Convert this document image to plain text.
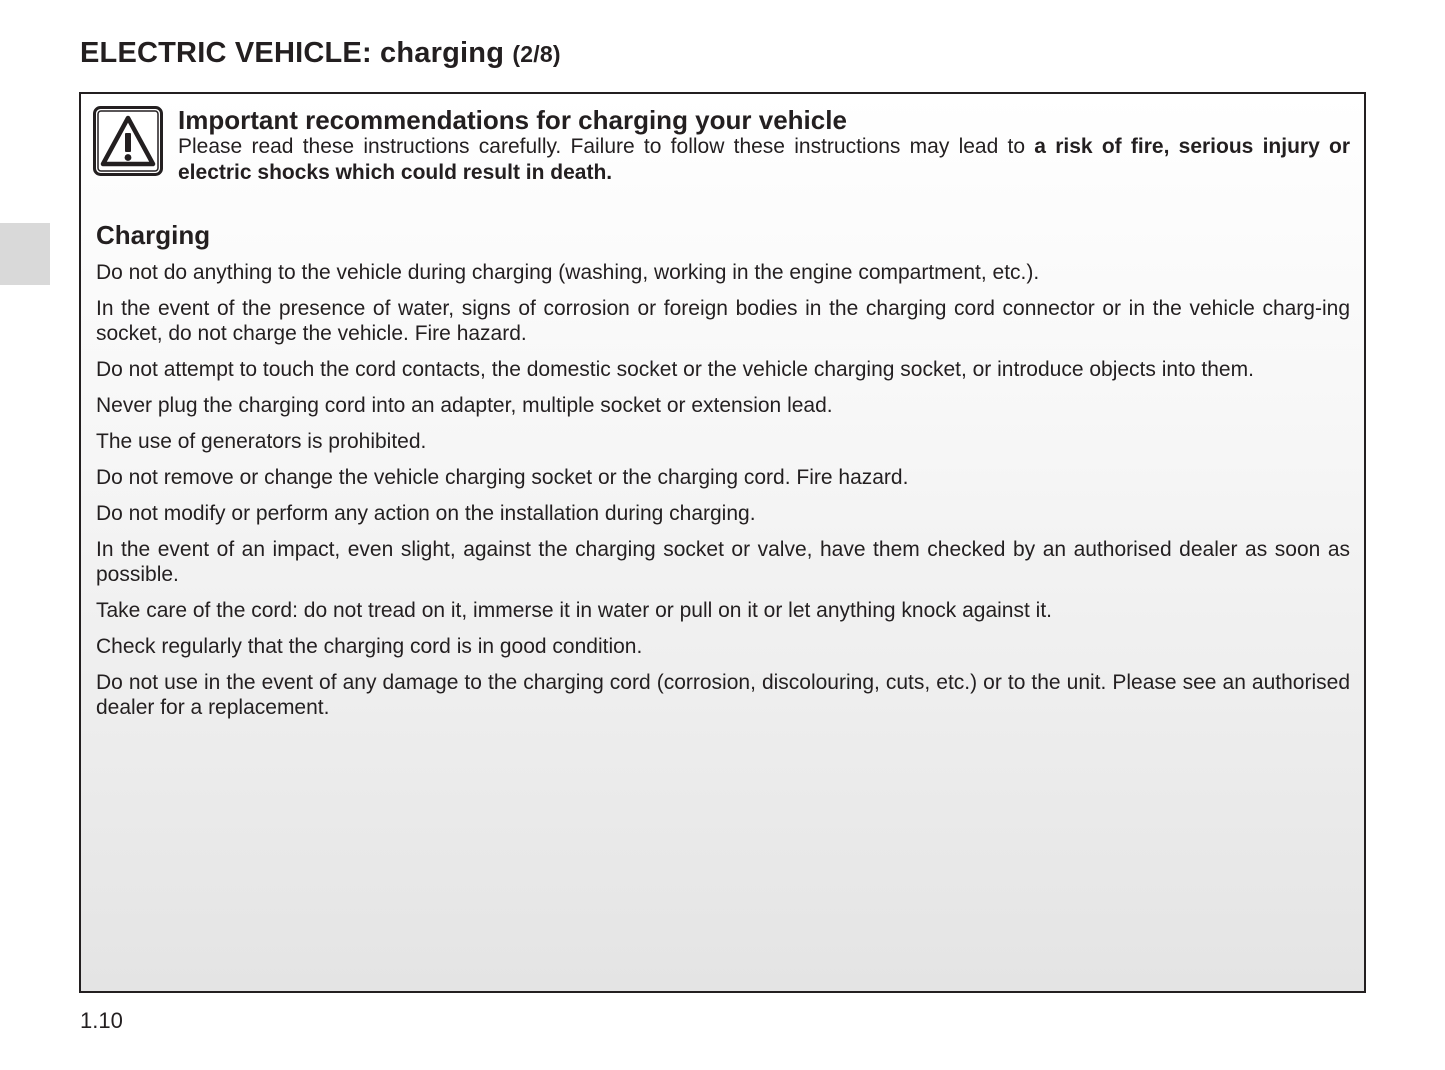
ELECTRIC VEHICLE: charging (2/8)
Important recommendations for charging your vehicle
Please read these instructions carefully. Failure to follow these instructions may lead to a risk of fire, serious injury or electric shocks which could result in death.
Charging
Do not do anything to the vehicle during charging (washing, working in the engine compartment, etc.).
In the event of the presence of water, signs of corrosion or foreign bodies in the charging cord connector or in the vehicle charg-ing socket, do not charge the vehicle. Fire hazard.
Do not attempt to touch the cord contacts, the domestic socket or the vehicle charging socket, or introduce objects into them.
Never plug the charging cord into an adapter, multiple socket or extension lead.
The use of generators is prohibited.
Do not remove or change the vehicle charging socket or the charging cord. Fire hazard.
Do not modify or perform any action on the installation during charging.
In the event of an impact, even slight, against the charging socket or valve, have them checked by an authorised dealer as soon as possible.
Take care of the cord: do not tread on it, immerse it in water or pull on it or let anything knock against it.
Check regularly that the charging cord is in good condition.
Do not use in the event of any damage to the charging cord (corrosion, discolouring, cuts, etc.) or to the unit. Please see an authorised dealer for a replacement.
1.10
